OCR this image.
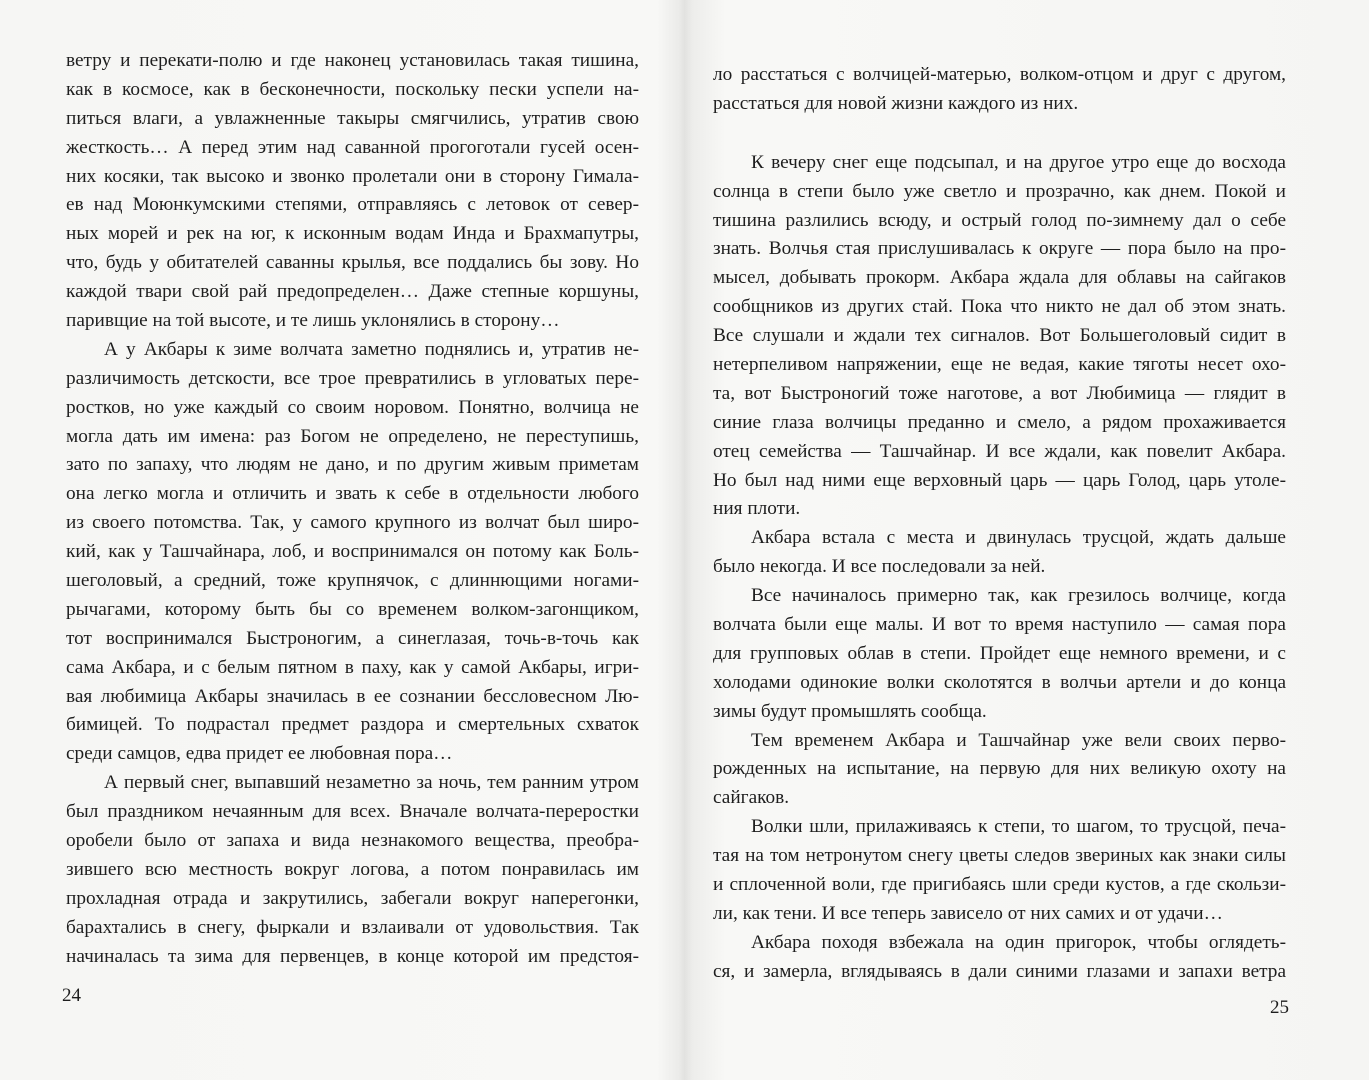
ветру и перекати-полю и где наконец установилась такая тишина,
как в космосе, как в бесконечности, поскольку пески успели на-
питься влаги, а увлажненные такыры смягчились, утратив свою
жесткость… А перед этим над саванной прогоготали гусей осен-
них косяки, так высоко и звонко пролетали они в сторону Гимала-
ев над Моюнкумскими степями, отправляясь с летовок от север-
ных морей и рек на юг, к исконным водам Инда и Брахмапутры,
что, будь у обитателей саванны крылья, все поддались бы зову. Но
каждой твари свой рай предопределен… Даже степные коршуны,
паривщие на той высоте, и те лишь уклонялись в сторону…
А у Акбары к зиме волчата заметно поднялись и, утратив не-
различимость детскости, все трое превратились в угловатых пере-
ростков, но уже каждый со своим норовом. Понятно, волчица не
могла дать им имена: раз Богом не определено, не переступишь,
зато по запаху, что людям не дано, и по другим живым приметам
она легко могла и отличить и звать к себе в отдельности любого
из своего потомства. Так, у самого крупного из волчат был широ-
кий, как у Ташчайнара, лоб, и воспринимался он потому как Боль-
шеголовый, а средний, тоже крупнячок, с длиннющими ногами-
рычагами, которому быть бы со временем волком-загонщиком,
тот воспринимался Быстроногим, а синеглазая, точь-в-точь как
сама Акбара, и с белым пятном в паху, как у самой Акбары, игри-
вая любимица Акбары значилась в ее сознании бессловесном Лю-
бимицей. То подрастал предмет раздора и смертельных схваток
среди самцов, едва придет ее любовная пора…
А первый снег, выпавший незаметно за ночь, тем ранним утром
был праздником нечаянным для всех. Вначале волчата-переростки
оробели было от запаха и вида незнакомого вещества, преобра-
зившего всю местность вокруг логова, а потом понравилась им
прохладная отрада и закрутились, забегали вокруг наперегонки,
барахтались в снегу, фыркали и взлаивали от удовольствия. Так
начиналась та зима для первенцев, в конце которой им предстоя-
24
ло расстаться с волчицей-матерью, волком-отцом и друг с другом,
расстаться для новой жизни каждого из них.
К вечеру снег еще подсыпал, и на другое утро еще до восхода
солнца в степи было уже светло и прозрачно, как днем. Покой и
тишина разлились всюду, и острый голод по-зимнему дал о себе
знать. Волчья стая прислушивалась к округе — пора было на про-
мысел, добывать прокорм. Акбара ждала для облавы на сайгаков
сообщников из других стай. Пока что никто не дал об этом знать.
Все слушали и ждали тех сигналов. Вот Большеголовый сидит в
нетерпеливом напряжении, еще не ведая, какие тяготы несет охо-
та, вот Быстроногий тоже наготове, а вот Любимица — глядит в
синие глаза волчицы преданно и смело, а рядом прохаживается
отец семейства — Ташчайнар. И все ждали, как повелит Акбара.
Но был над ними еще верховный царь — царь Голод, царь утоле-
ния плоти.
Акбара встала с места и двинулась трусцой, ждать дальше
было некогда. И все последовали за ней.
Все начиналось примерно так, как грезилось волчице, когда
волчата были еще малы. И вот то время наступило — самая пора
для групповых облав в степи. Пройдет еще немного времени, и с
холодами одинокие волки сколотятся в волчьи артели и до конца
зимы будут промышлять сообща.
Тем временем Акбара и Ташчайнар уже вели своих перво-
рожденных на испытание, на первую для них великую охоту на
сайгаков.
Волки шли, прилаживаясь к степи, то шагом, то трусцой, печа-
тая на том нетронутом снегу цветы следов звериных как знаки силы
и сплоченной воли, где пригибаясь шли среди кустов, а где скользи-
ли, как тени. И все теперь зависело от них самих и от удачи…
Акбара походя взбежала на один пригорок, чтобы оглядеть-
ся, и замерла, вглядываясь в дали синими глазами и запахи ветра
25
